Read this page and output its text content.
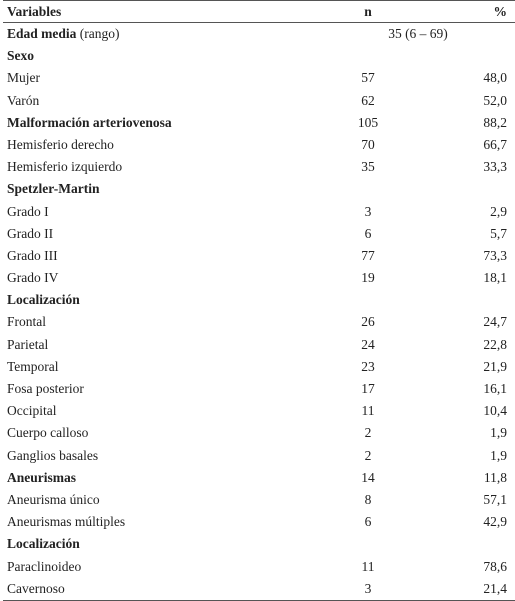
Variables	n	%
Edad media (rango)	35 (6 – 69)
Sexo
Mujer	57	48,0
Varón	62	52,0
Malformación arteriovenosa	105	88,2
Hemisferio derecho	70	66,7
Hemisferio izquierdo	35	33,3
Spetzler-Martin
Grado I	3	2,9
Grado II	6	5,7
Grado III	77	73,3
Grado IV	19	18,1
Localización
Frontal	26	24,7
Parietal	24	22,8
Temporal	23	21,9
Fosa posterior	17	16,1
Occipital	11	10,4
Cuerpo calloso	2	1,9
Ganglios basales	2	1,9
Aneurismas	14	11,8
Aneurisma único	8	57,1
Aneurismas múltiples	6	42,9
Localización
Paraclinoideo	11	78,6
Cavernoso	3	21,4
